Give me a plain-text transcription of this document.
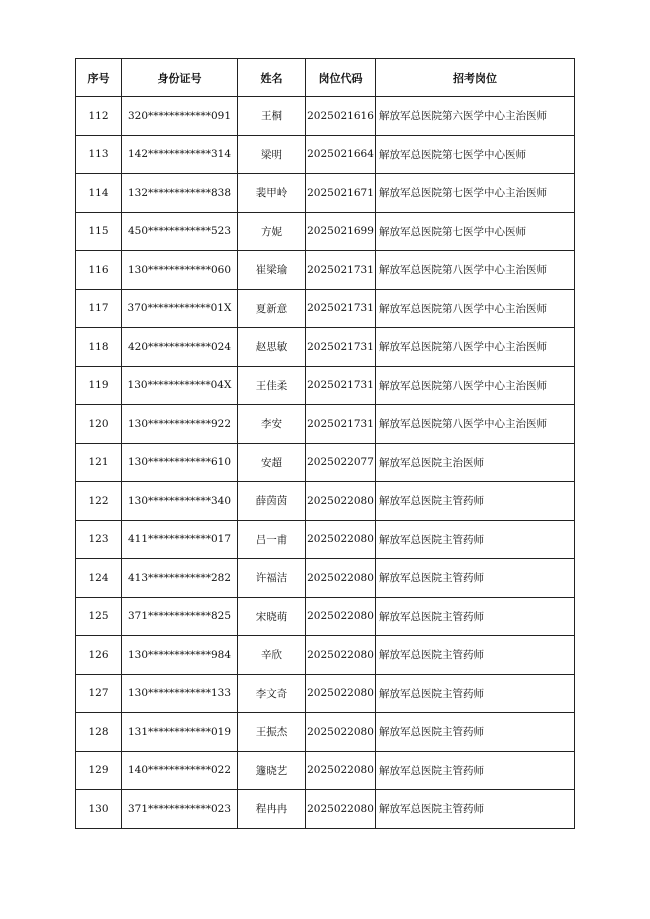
序号	身份证号	姓名	岗位代码	招考岗位
112	320************091	王桐	2025021616	解放军总医院第六医学中心主治医师
113	142************314	梁明	2025021664	解放军总医院第七医学中心医师
114	132************838	裴甲岭	2025021671	解放军总医院第七医学中心主治医师
115	450************523	方妮	2025021699	解放军总医院第七医学中心医师
116	130************060	崔梁瑜	2025021731	解放军总医院第八医学中心主治医师
117	370************01X	夏新意	2025021731	解放军总医院第八医学中心主治医师
118	420************024	赵思敏	2025021731	解放军总医院第八医学中心主治医师
119	130************04X	王佳柔	2025021731	解放军总医院第八医学中心主治医师
120	130************922	李安	2025021731	解放军总医院第八医学中心主治医师
121	130************610	安超	2025022077	解放军总医院主治医师
122	130************340	薛茵茵	2025022080	解放军总医院主管药师
123	411************017	吕一甫	2025022080	解放军总医院主管药师
124	413************282	许福洁	2025022080	解放军总医院主管药师
125	371************825	宋晓萌	2025022080	解放军总医院主管药师
126	130************984	辛欣	2025022080	解放军总医院主管药师
127	130************133	李文奇	2025022080	解放军总医院主管药师
128	131************019	王振杰	2025022080	解放军总医院主管药师
129	140************022	籧晓艺	2025022080	解放军总医院主管药师
130	371************023	程冉冉	2025022080	解放军总医院主管药师
